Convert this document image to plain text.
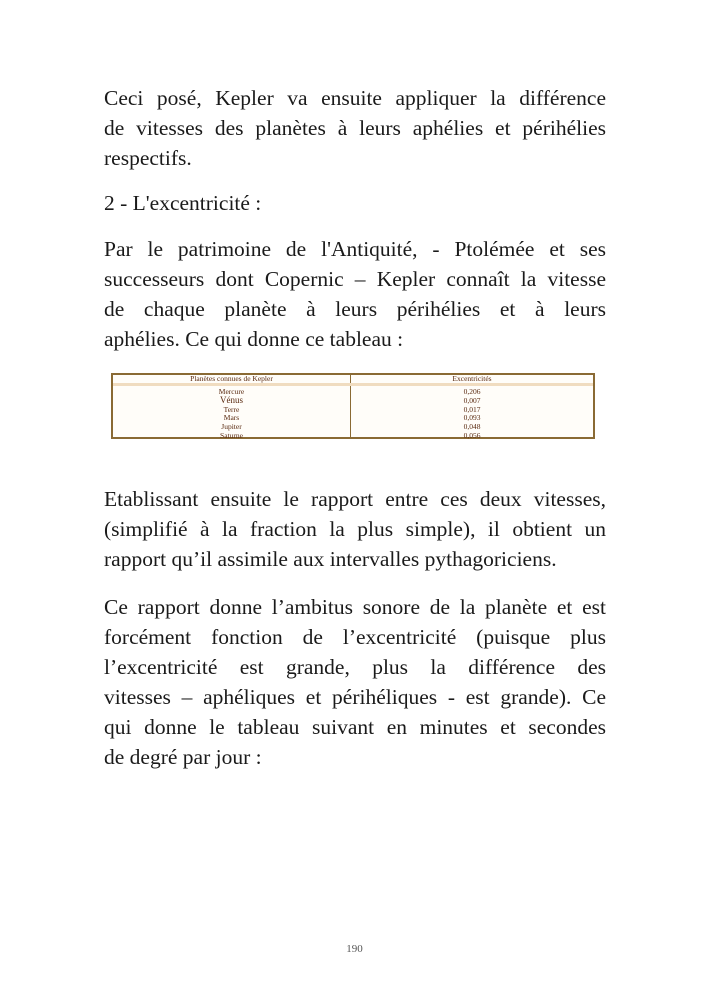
Ceci posé, Kepler va ensuite appliquer la différence
de vitesses des planètes à leurs aphélies et périhélies
respectifs.
2 - L'excentricité :
Par le patrimoine de l'Antiquité, - Ptolémée et ses
successeurs dont Copernic – Kepler connaît la vitesse
de chaque planète à leurs périhélies et à leurs
aphélies. Ce qui donne ce tableau :
Planètes connues de Kepler	Excentricités
Mercure
Vénus
Terre
Mars
Jupiter
Saturne
0,206
0,007
0,017
0,093
0,048
0,056
Etablissant ensuite le rapport entre ces deux vitesses,
(simplifié à la fraction la plus simple), il obtient un
rapport qu’il assimile aux intervalles pythagoriciens.
Ce rapport donne l’ambitus sonore de la planète et est
forcément fonction de l’excentricité (puisque plus
l’excentricité est grande, plus la différence des
vitesses – aphéliques et périhéliques - est grande). Ce
qui donne le tableau suivant en minutes et secondes
de degré par jour :
190
